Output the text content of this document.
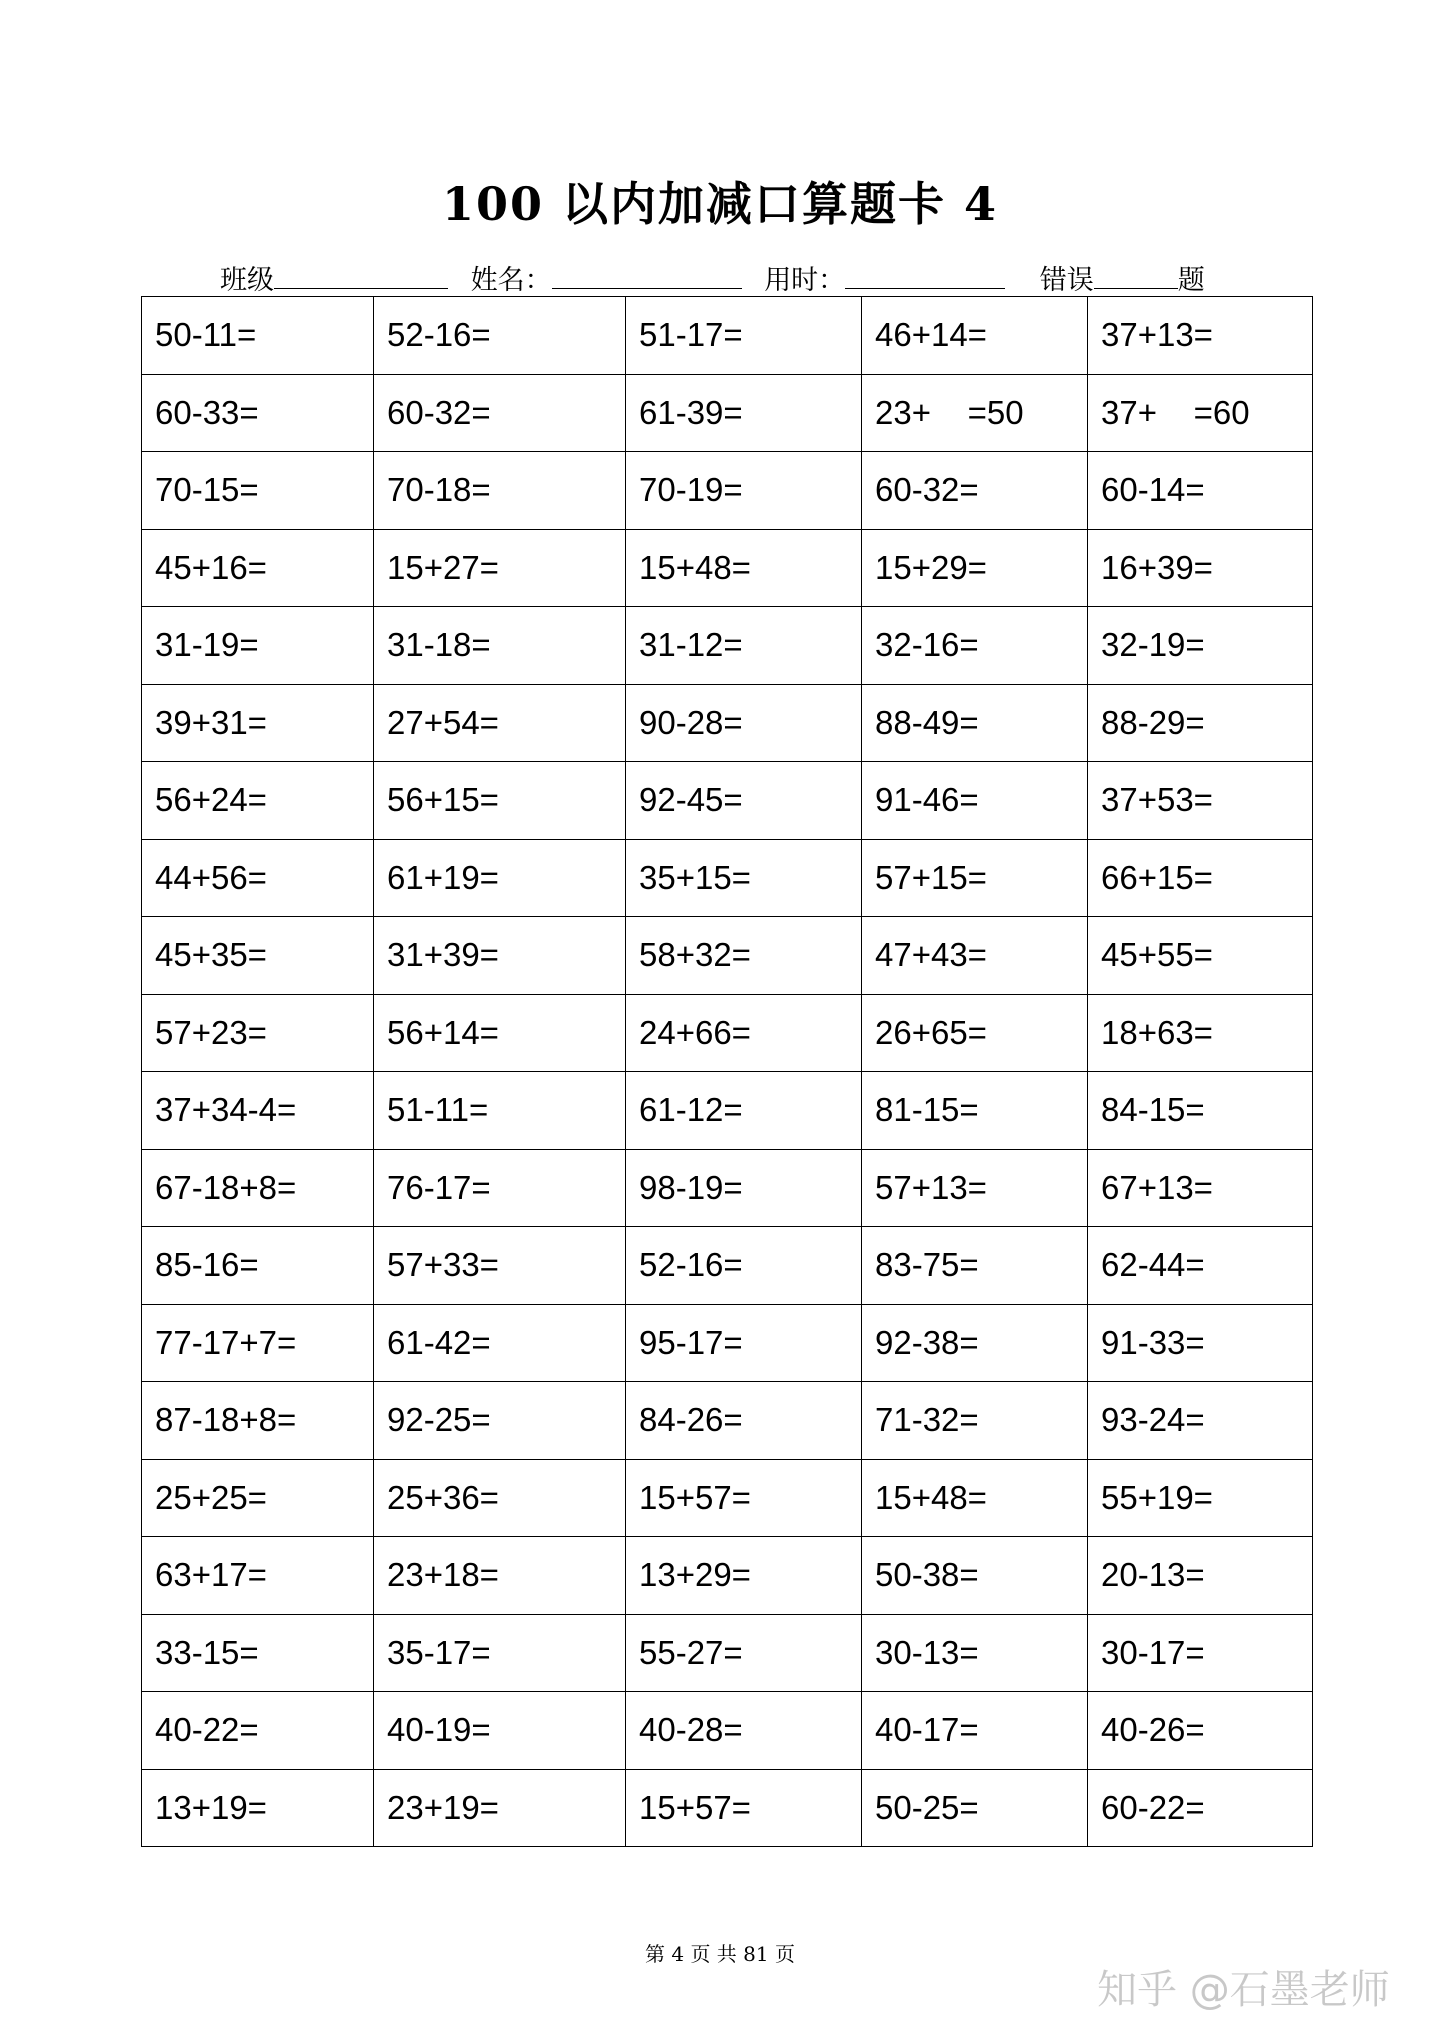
100 以内加减口算题卡 4
班级	姓名：	用时：	错误	题
50-11=	52-16=	51-17=	46+14=	37+13=
60-33=	60-32=	61-39=	23+    =50	37+    =60
70-15=	70-18=	70-19=	60-32=	60-14=
45+16=	15+27=	15+48=	15+29=	16+39=
31-19=	31-18=	31-12=	32-16=	32-19=
39+31=	27+54=	90-28=	88-49=	88-29=
56+24=	56+15=	92-45=	91-46=	37+53=
44+56=	61+19=	35+15=	57+15=	66+15=
45+35=	31+39=	58+32=	47+43=	45+55=
57+23=	56+14=	24+66=	26+65=	18+63=
37+34-4=	51-11=	61-12=	81-15=	84-15=
67-18+8=	76-17=	98-19=	57+13=	67+13=
85-16=	57+33=	52-16=	83-75=	62-44=
77-17+7=	61-42=	95-17=	92-38=	91-33=
87-18+8=	92-25=	84-26=	71-32=	93-24=
25+25=	25+36=	15+57=	15+48=	55+19=
63+17=	23+18=	13+29=	50-38=	20-13=
33-15=	35-17=	55-27=	30-13=	30-17=
40-22=	40-19=	40-28=	40-17=	40-26=
13+19=	23+19=	15+57=	50-25=	60-22=
第 4 页 共 81 页
知乎 @石墨老师
